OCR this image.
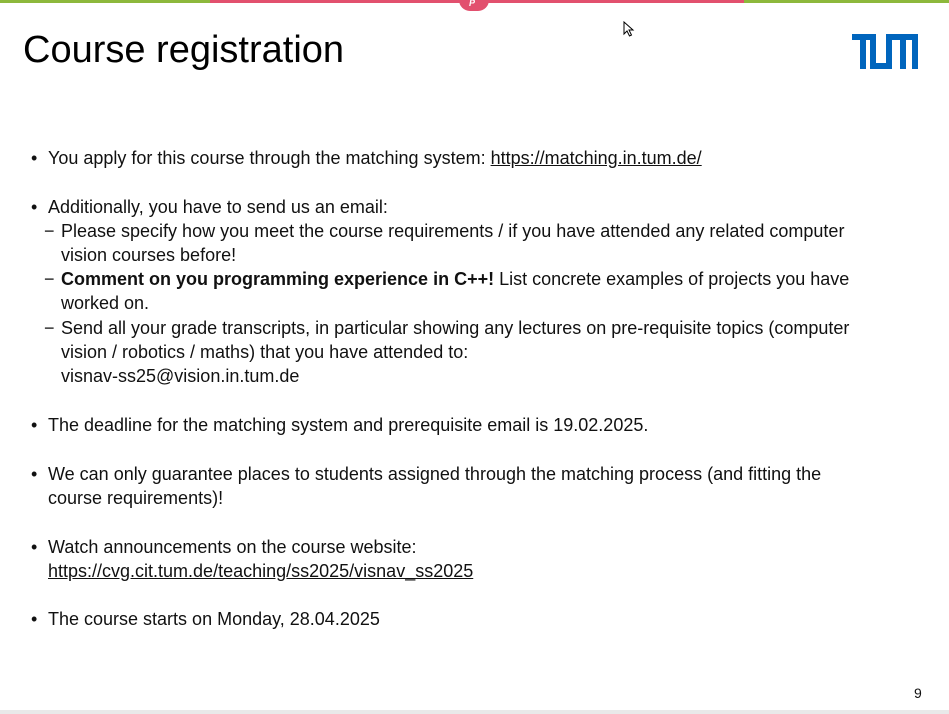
P
Course registration
• You apply for this course through the matching system: https://matching.in.tum.de/
• Additionally, you have to send us an email:
− Please specify how you meet the course requirements / if you have attended any related computer
vision courses before!
− Comment on you programming experience in C++! List concrete examples of projects you have
worked on.
− Send all your grade transcripts, in particular showing any lectures on pre-requisite topics (computer
vision / robotics / maths) that you have attended to:
visnav-ss25@vision.in.tum.de
• The deadline for the matching system and prerequisite email is 19.02.2025.
• We can only guarantee places to students assigned through the matching process (and fitting the
course requirements)!
• Watch announcements on the course website:
https://cvg.cit.tum.de/teaching/ss2025/visnav_ss2025
• The course starts on Monday, 28.04.2025
9
